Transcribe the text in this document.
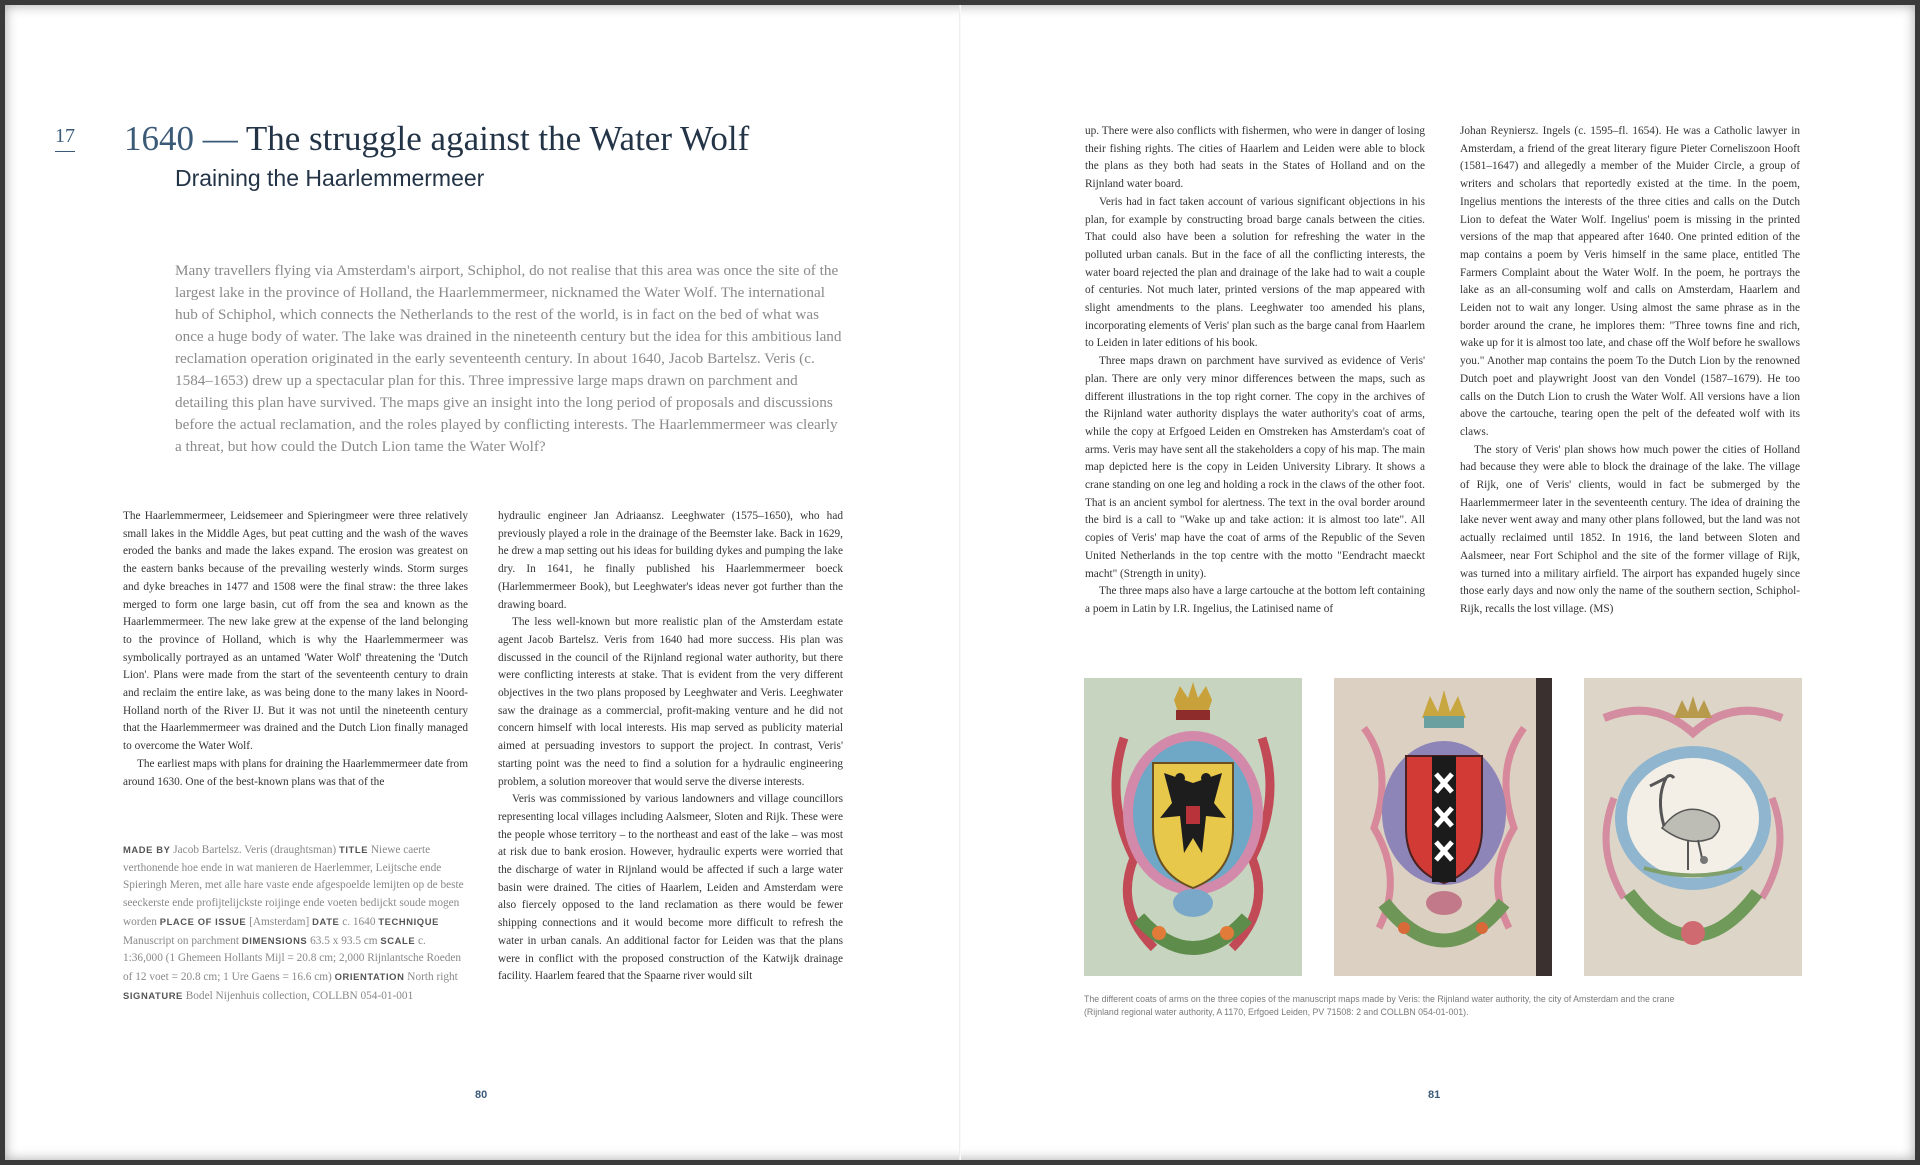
17 1640 — The struggle against the Water Wolf
Draining the Haarlemmermeer
Many travellers flying via Amsterdam's airport, Schiphol, do not realise that this area was once the site of the largest lake in the province of Holland, the Haarlemmermeer, nicknamed the Water Wolf. The international hub of Schiphol, which connects the Netherlands to the rest of the world, is in fact on the bed of what was once a huge body of water. The lake was drained in the nineteenth century but the idea for this ambitious land reclamation operation originated in the early seventeenth century. In about 1640, Jacob Bartelsz. Veris (c. 1584–1653) drew up a spectacular plan for this. Three impressive large maps drawn on parchment and detailing this plan have survived. The maps give an insight into the long period of proposals and discussions before the actual reclamation, and the roles played by conflicting interests. The Haarlemmermeer was clearly a threat, but how could the Dutch Lion tame the Water Wolf?

The Haarlemmermeer, Leidsemeer and Spieringmeer were three relatively small lakes in the Middle Ages, but peat cutting and the wash of the waves eroded the banks and made the lakes expand. The erosion was greatest on the eastern banks because of the prevailing westerly winds. Storm surges and dyke breaches in 1477 and 1508 were the final straw: the three lakes merged to form one large basin, cut off from the sea and known as the Haarlemmermeer. The new lake grew at the expense of the land belonging to the province of Holland, which is why the Haarlemmermeer was symbolically portrayed as an untamed 'Water Wolf' threatening the 'Dutch Lion'. Plans were made from the start of the seventeenth century to drain and reclaim the entire lake, as was being done to the many lakes in Noord-Holland north of the River IJ. But it was not until the nineteenth century that the Haarlemmermeer was drained and the Dutch Lion finally managed to overcome the Water Wolf.

The earliest maps with plans for draining the Haarlemmermeer date from around 1630. One of the best-known plans was that of the

hydraulic engineer Jan Adriaansz. Leeghwater (1575–1650), who had previously played a role in the drainage of the Beemster lake. Back in 1629, he drew a map setting out his ideas for building dykes and pumping the lake dry. In 1641, he finally published his Haarlemmermeer boeck (Harlemmermeer Book), but Leeghwater's ideas never got further than the drawing board.

The less well-known but more realistic plan of the Amsterdam estate agent Jacob Bartelsz. Veris from 1640 had more success. His plan was discussed in the council of the Rijnland regional water authority, but there were conflicting interests at stake. That is evident from the very different objectives in the two plans proposed by Leeghwater and Veris. Leeghwater saw the drainage as a commercial, profit-making venture and he did not concern himself with local interests. His map served as publicity material aimed at persuading investors to support the project. In contrast, Veris' starting point was the need to find a solution for a hydraulic engineering problem, a solution moreover that would serve the diverse interests.

Veris was commissioned by various landowners and village councillors representing local villages including Aalsmeer, Sloten and Rijk. These were the people whose territory – to the northeast and east of the lake – was most at risk due to bank erosion. However, hydraulic experts were worried that the discharge of water in Rijnland would be affected if such a large water basin were drained. The cities of Haarlem, Leiden and Amsterdam were also fiercely opposed to the land reclamation as there would be fewer shipping connections and it would become more difficult to refresh the water in urban canals. An additional factor for Leiden was that the plans were in conflict with the proposed construction of the Katwijk drainage facility. Haarlem feared that the Spaarne river would silt

MADE BY Jacob Bartelsz. Veris (draughtsman) TITLE Niewe caerte verthonende hoe ende in wat manieren de Haerlemmer, Leijtsche ende Spieringh Meren, met alle hare vaste ende afgespoelde lemijten op de beste seeckerste ende profijtelijckste roijinge ende voeten bedijckt soude mogen worden PLACE OF ISSUE [Amsterdam] DATE c. 1640 TECHNIQUE Manuscript on parchment DIMENSIONS 63.5 x 93.5 cm SCALE c. 1:36,000 (1 Ghemeen Hollants Mijl = 20.8 cm; 2,000 Rijnlantsche Roeden of 12 voet = 20.8 cm; 1 Ure Gaens = 16.6 cm) ORIENTATION North right SIGNATURE Bodel Nijenhuis collection, COLLBN 054-01-001
80

up. There were also conflicts with fishermen, who were in danger of losing their fishing rights. The cities of Haarlem and Leiden were able to block the plans as they both had seats in the States of Holland and on the Rijnland water board.

Veris had in fact taken account of various significant objections in his plan, for example by constructing broad barge canals between the cities. That could also have been a solution for refreshing the water in the polluted urban canals. But in the face of all the conflicting interests, the water board rejected the plan and drainage of the lake had to wait a couple of centuries. Not much later, printed versions of the map appeared with slight amendments to the plans. Leeghwater too amended his plans, incorporating elements of Veris' plan such as the barge canal from Haarlem to Leiden in later editions of his book.

Three maps drawn on parchment have survived as evidence of Veris' plan. There are only very minor differences between the maps, such as different illustrations in the top right corner. The copy in the archives of the Rijnland water authority displays the water authority's coat of arms, while the copy at Erfgoed Leiden en Omstreken has Amsterdam's coat of arms. Veris may have sent all the stakeholders a copy of his map. The main map depicted here is the copy in Leiden University Library. It shows a crane standing on one leg and holding a rock in the claws of the other foot. That is an ancient symbol for alertness. The text in the oval border around the bird is a call to "Wake up and take action: it is almost too late". All copies of Veris' map have the coat of arms of the Republic of the Seven United Netherlands in the top centre with the motto "Eendracht maeckt macht" (Strength in unity).

The three maps also have a large cartouche at the bottom left containing a poem in Latin by I.R. Ingelius, the Latinised name of

Johan Reyniersz. Ingels (c. 1595–fl. 1654). He was a Catholic lawyer in Amsterdam, a friend of the great literary figure Pieter Corneliszoon Hooft (1581–1647) and allegedly a member of the Muider Circle, a group of writers and scholars that reportedly existed at the time. In the poem, Ingelius mentions the interests of the three cities and calls on the Dutch Lion to defeat the Water Wolf. Ingelius' poem is missing in the printed versions of the map that appeared after 1640. One printed edition of the map contains a poem by Veris himself in the same place, entitled The Farmers Complaint about the Water Wolf. In the poem, he portrays the lake as an all-consuming wolf and calls on Amsterdam, Haarlem and Leiden not to wait any longer. Using almost the same phrase as in the border around the crane, he implores them: "Three towns fine and rich, wake up for it is almost too late, and chase off the Wolf before he swallows you." Another map contains the poem To the Dutch Lion by the renowned Dutch poet and playwright Joost van den Vondel (1587–1679). He too calls on the Dutch Lion to crush the Water Wolf. All versions have a lion above the cartouche, tearing open the pelt of the defeated wolf with its claws.

The story of Veris' plan shows how much power the cities of Holland had because they were able to block the drainage of the lake. The village of Rijk, one of Veris' clients, would in fact be submerged by the Haarlemmermeer later in the seventeenth century. The idea of draining the lake never went away and many other plans followed, but the land was not actually reclaimed until 1852. In 1916, the land between Sloten and Aalsmeer, near Fort Schiphol and the site of the former village of Rijk, was turned into a military airfield. The airport has expanded hugely since those early days and now only the name of the southern section, Schiphol-Rijk, recalls the lost village. (MS)

The different coats of arms on the three copies of the manuscript maps made by Veris: the Rijnland water authority, the city of Amsterdam and the crane
(Rijnland regional water authority, A 1170, Erfgoed Leiden, PV 71508: 2 and COLLBN 054-01-001).
81
